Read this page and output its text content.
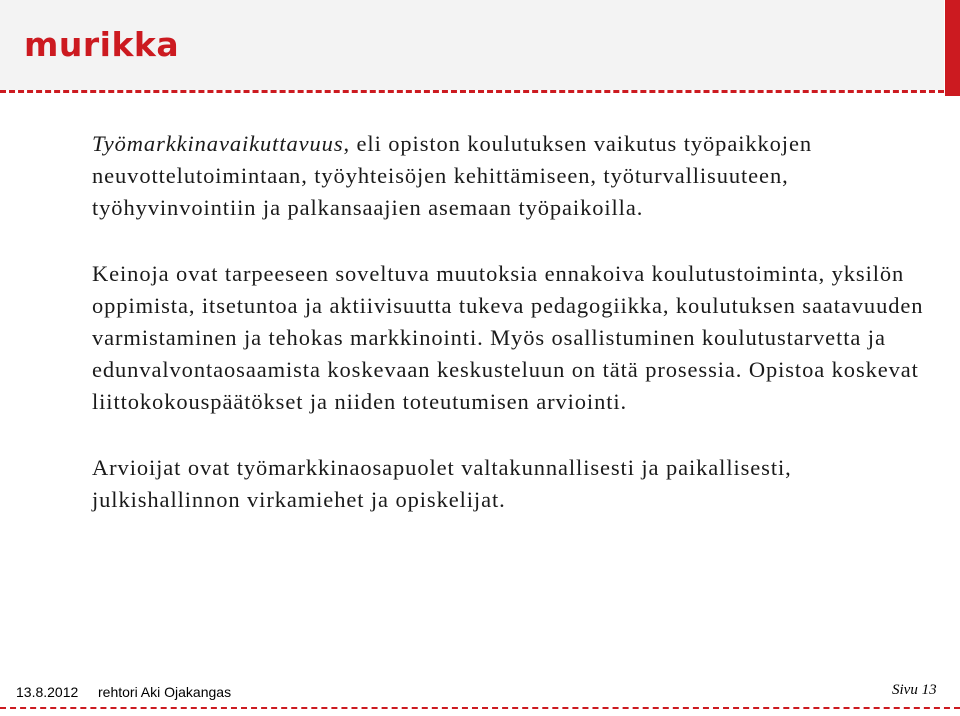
murikka

Työmarkkinavaikuttavuus, eli opiston koulutuksen vaikutus työpaikkojen neuvottelutoimintaan, työyhteisöjen kehittämiseen, työturvallisuuteen, työhyvinvointiin ja palkansaajien asemaan työpaikoilla.

Keinoja ovat tarpeeseen soveltuva muutoksia ennakoiva koulutustoiminta, yksilön oppimista, itsetuntoa ja aktiivisuutta tukeva pedagogiikka, koulutuksen saatavuuden varmistaminen ja tehokas markkinointi. Myös osallistuminen koulutustarvetta ja edunvalvontaosaamista koskevaan keskusteluun on tätä prosessia. Opistoa koskevat liittokokouspäätökset ja niiden toteutumisen arviointi.

Arvioijat ovat työmarkkinaosapuolet valtakunnallisesti ja paikallisesti, julkishallinnon virkamiehet ja opiskelijat.

13.8.2012 rehtori Aki Ojakangas	Sivu 13
